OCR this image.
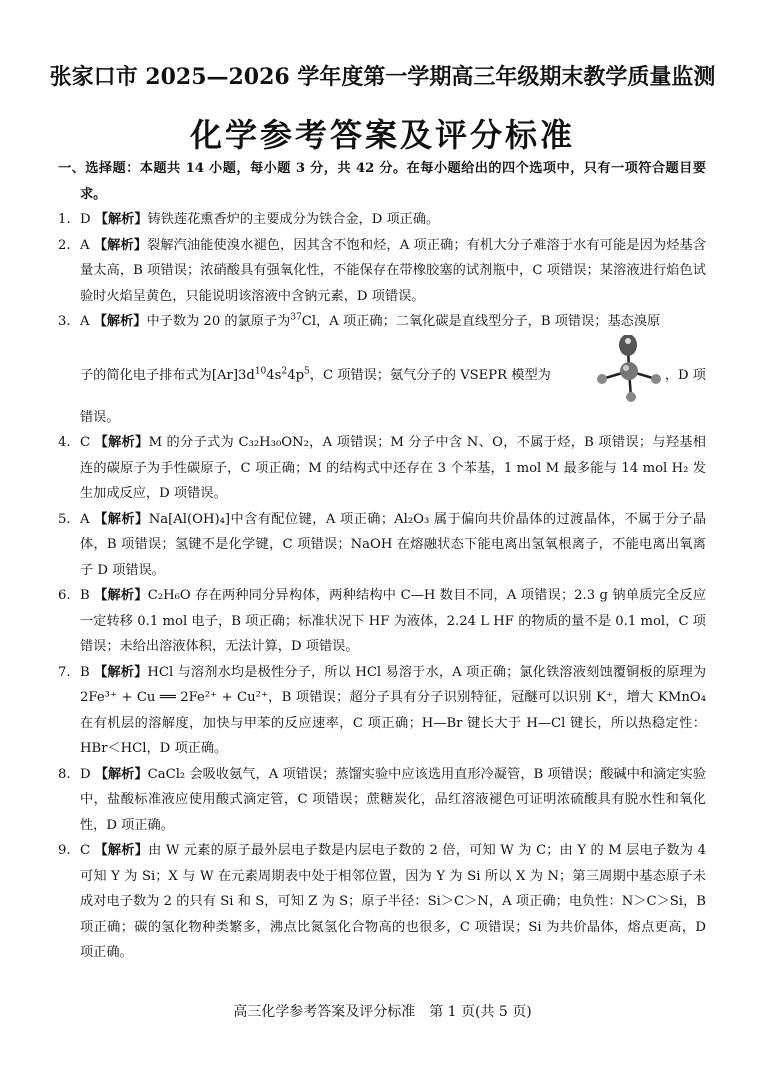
张家口市 2025—2026 学年度第一学期高三年级期末教学质量监测
化学参考答案及评分标准

一、选择题：本题共 14 小题，每小题 3 分，共 42 分。在每小题给出的四个选项中，只有一项符合题目要求。

1. D 【解析】铸铁莲花熏香炉的主要成分为铁合金，D 项正确。

2. A 【解析】裂解汽油能使溴水褪色，因其含不饱和烃，A 项正确；有机大分子难溶于水有可能是因为烃基含量太高，B 项错误；浓硝酸具有强氧化性，不能保存在带橡胶塞的试剂瓶中，C 项错误；某溶液进行焰色试验时火焰呈黄色，只能说明该溶液中含钠元素，D 项错误。

3. A 【解析】中子数为 20 的氯原子为$^{37}$Cl，A 项正确；二氧化碳是直线型分子，B 项错误；基态溴原

子的简化电子排布式为$[Ar]3d^{10}4s^24p^5$，C 项错误；氨气分子的 VSEPR 模型为	，D 项

错误。

4. C 【解析】M 的分子式为 C₃₂H₃₀ON₂，A 项错误；M 分子中含 N、O，不属于烃，B 项错误；与羟基相连的碳原子为手性碳原子，C 项正确；M 的结构式中还存在 3 个苯基，1 mol M 最多能与 14 mol H₂ 发生加成反应，D 项错误。

5. A 【解析】Na[Al(OH)₄]中含有配位键，A 项正确；Al₂O₃ 属于偏向共价晶体的过渡晶体，不属于分子晶体，B 项错误；氢键不是化学键，C 项错误；NaOH 在熔融状态下能电离出氢氧根离子，不能电离出氧离子 D 项错误。

6. B 【解析】C₂H₆O 存在两种同分异构体，两种结构中 C—H 数目不同，A 项错误；2.3 g 钠单质完全反应一定转移 0.1 mol 电子，B 项正确；标准状况下 HF 为液体，2.24 L HF 的物质的量不是 0.1 mol，C 项错误；未给出溶液体积，无法计算，D 项错误。

7. B 【解析】HCl 与溶剂水均是极性分子，所以 HCl 易溶于水，A 项正确；氯化铁溶液刻蚀覆铜板的原理为 2Fe³⁺ + Cu ══ 2Fe²⁺ + Cu²⁺，B 项错误；超分子具有分子识别特征，冠醚可以识别 K⁺，增大 KMnO₄ 在有机层的溶解度，加快与甲苯的反应速率，C 项正确；H—Br 键长大于 H—Cl 键长，所以热稳定性：HBr＜HCl，D 项正确。

8. D 【解析】CaCl₂ 会吸收氨气，A 项错误；蒸馏实验中应该选用直形冷凝管，B 项错误；酸碱中和滴定实验中，盐酸标准液应使用酸式滴定管，C 项错误；蔗糖炭化，品红溶液褪色可证明浓硫酸具有脱水性和氧化性，D 项正确。

9. C 【解析】由 W 元素的原子最外层电子数是内层电子数的 2 倍，可知 W 为 C；由 Y 的 M 层电子数为 4 可知 Y 为 Si；X 与 W 在元素周期表中处于相邻位置，因为 Y 为 Si 所以 X 为 N；第三周期中基态原子未成对电子数为 2 的只有 Si 和 S，可知 Z 为 S；原子半径：Si＞C＞N，A 项正确；电负性：N＞C＞Si，B 项正确；碳的氢化物种类繁多，沸点比氮氢化合物高的也很多，C 项错误；Si 为共价晶体，熔点更高，D 项正确。

高三化学参考答案及评分标准　第 1 页(共 5 页)
